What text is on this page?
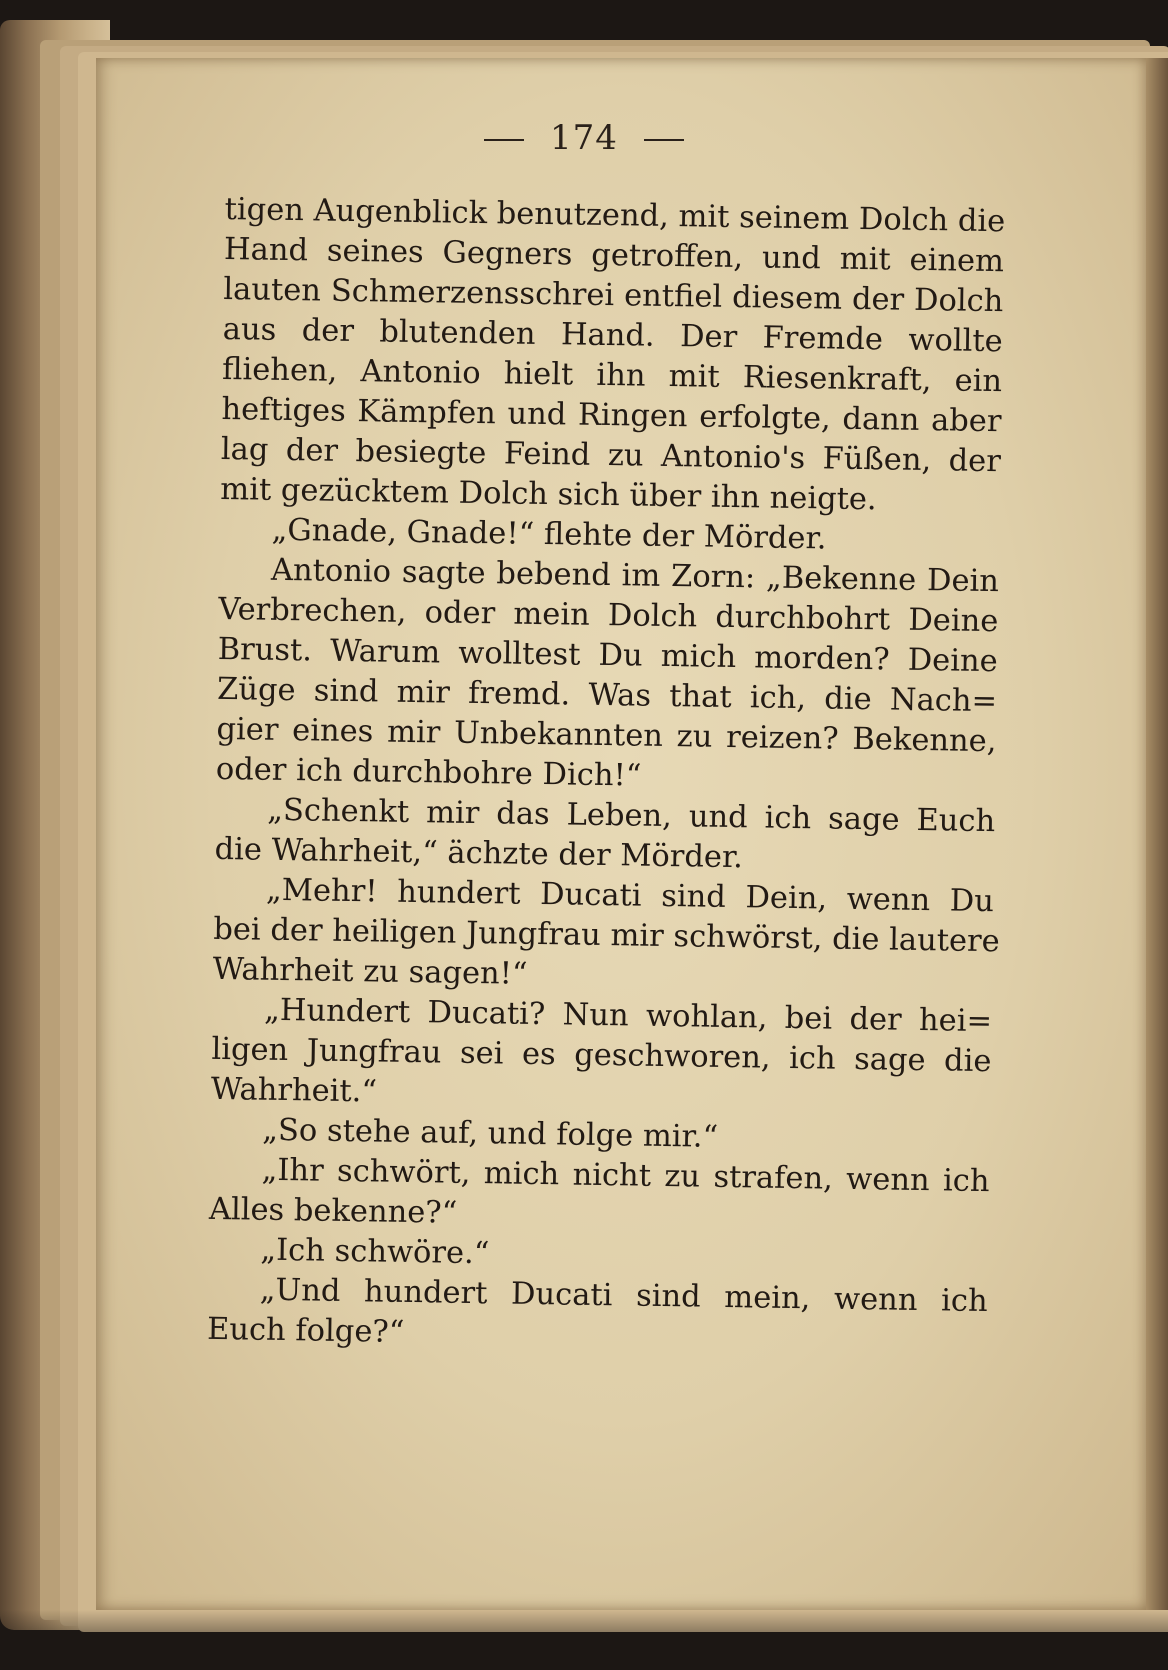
174
tigen Augenblick benutzend, mit seinem Dolch die
Hand seines Gegners getroffen, und mit einem
lauten Schmerzensschrei entfiel diesem der Dolch
aus der blutenden Hand. Der Fremde wollte
fliehen, Antonio hielt ihn mit Riesenkraft, ein
heftiges Kämpfen und Ringen erfolgte, dann aber
lag der besiegte Feind zu Antonio's Füßen, der
mit gezücktem Dolch sich über ihn neigte.
„Gnade, Gnade!“ flehte der Mörder.
Antonio sagte bebend im Zorn: „Bekenne Dein
Verbrechen, oder mein Dolch durchbohrt Deine
Brust. Warum wolltest Du mich morden? Deine
Züge sind mir fremd. Was that ich, die Nach=
gier eines mir Unbekannten zu reizen? Bekenne,
oder ich durchbohre Dich!“
„Schenkt mir das Leben, und ich sage Euch
die Wahrheit,“ ächzte der Mörder.
„Mehr! hundert Ducati sind Dein, wenn Du
bei der heiligen Jungfrau mir schwörst, die lautere
Wahrheit zu sagen!“
„Hundert Ducati? Nun wohlan, bei der hei=
ligen Jungfrau sei es geschworen, ich sage die
Wahrheit.“
„So stehe auf, und folge mir.“
„Ihr schwört, mich nicht zu strafen, wenn ich
Alles bekenne?“
„Ich schwöre.“
„Und hundert Ducati sind mein, wenn ich
Euch folge?“
